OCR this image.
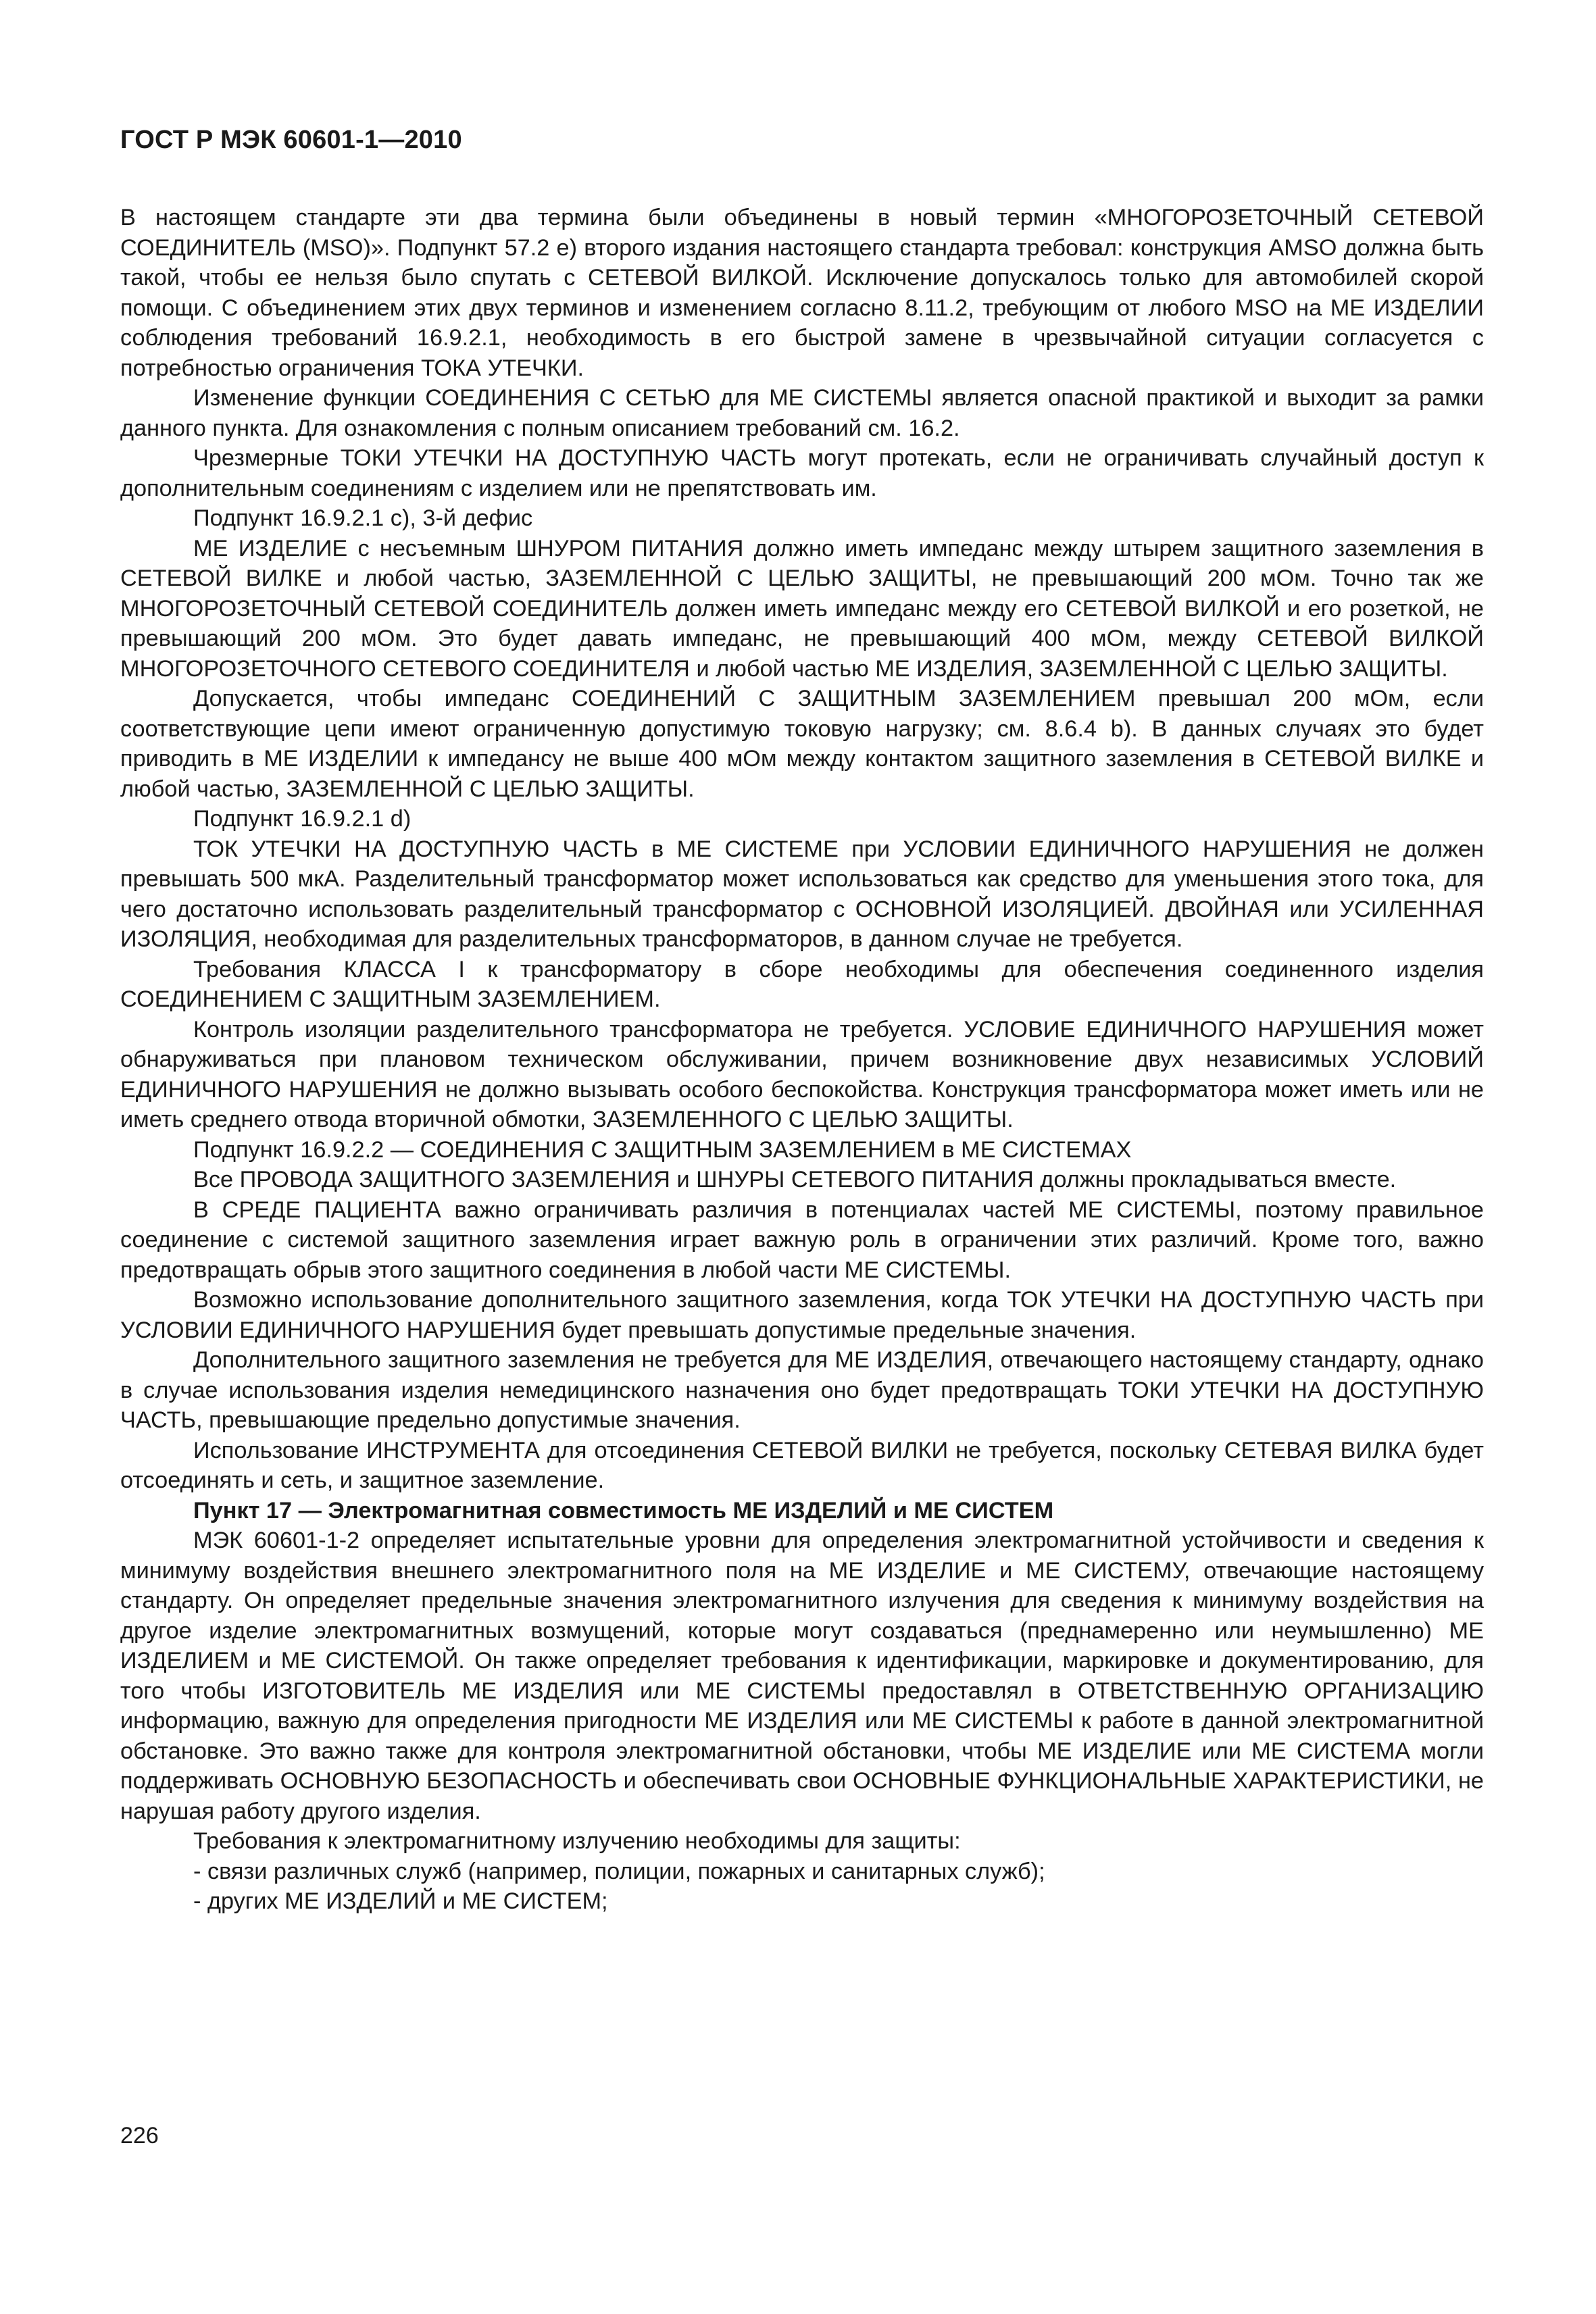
ГОСТ Р МЭК 60601-1—2010

В настоящем стандарте эти два термина были объединены в новый термин «МНОГОРОЗЕТОЧНЫЙ СЕТЕВОЙ СОЕДИНИТЕЛЬ (MSO)». Подпункт 57.2 e) второго издания настоящего стандарта требовал: конструкция AMSO должна быть такой, чтобы ее нельзя было спутать с СЕТЕВОЙ ВИЛКОЙ. Исключение допускалось только для автомобилей скорой помощи. С объединением этих двух терминов и изменением согласно 8.11.2, требующим от любого MSO на МЕ ИЗДЕЛИИ соблюдения требований 16.9.2.1, необходимость в его быстрой замене в чрезвычайной ситуации согласуется с потребностью ограничения ТОКА УТЕЧКИ.

Изменение функции СОЕДИНЕНИЯ С СЕТЬЮ для МЕ СИСТЕМЫ является опасной практикой и выходит за рамки данного пункта. Для ознакомления с полным описанием требований см. 16.2.

Чрезмерные ТОКИ УТЕЧКИ НА ДОСТУПНУЮ ЧАСТЬ могут протекать, если не ограничивать случайный доступ к дополнительным соединениям с изделием или не препятствовать им.

Подпункт 16.9.2.1 с), 3-й дефис

МЕ ИЗДЕЛИЕ с несъемным ШНУРОМ ПИТАНИЯ должно иметь импеданс между штырем защитного заземления в СЕТЕВОЙ ВИЛКЕ и любой частью, ЗАЗЕМЛЕННОЙ С ЦЕЛЬЮ ЗАЩИТЫ, не превышающий 200 мОм. Точно так же МНОГОРОЗЕТОЧНЫЙ СЕТЕВОЙ СОЕДИНИТЕЛЬ должен иметь импеданс между его СЕТЕВОЙ ВИЛКОЙ и его розеткой, не превышающий 200 мОм. Это будет давать импеданс, не превышающий 400 мОм, между СЕТЕВОЙ ВИЛКОЙ МНОГОРОЗЕТОЧНОГО СЕТЕВОГО СОЕДИНИТЕЛЯ и любой частью МЕ ИЗДЕЛИЯ, ЗАЗЕМЛЕННОЙ С ЦЕЛЬЮ ЗАЩИТЫ.

Допускается, чтобы импеданс СОЕДИНЕНИЙ С ЗАЩИТНЫМ ЗАЗЕМЛЕНИЕМ превышал 200 мОм, если соответствующие цепи имеют ограниченную допустимую токовую нагрузку; см. 8.6.4 b). В данных случаях это будет приводить в МЕ ИЗДЕЛИИ к импедансу не выше 400 мОм между контактом защитного заземления в СЕТЕВОЙ ВИЛКЕ и любой частью, ЗАЗЕМЛЕННОЙ С ЦЕЛЬЮ ЗАЩИТЫ.

Подпункт 16.9.2.1 d)

ТОК УТЕЧКИ НА ДОСТУПНУЮ ЧАСТЬ в МЕ СИСТЕМЕ при УСЛОВИИ ЕДИНИЧНОГО НАРУШЕНИЯ не должен превышать 500 мкА. Разделительный трансформатор может использоваться как средство для уменьшения этого тока, для чего достаточно использовать разделительный трансформатор с ОСНОВНОЙ ИЗОЛЯЦИЕЙ. ДВОЙНАЯ или УСИЛЕННАЯ ИЗОЛЯЦИЯ, необходимая для разделительных трансформаторов, в данном случае не требуется.

Требования КЛАССА I к трансформатору в сборе необходимы для обеспечения соединенного изделия СОЕДИНЕНИЕМ С ЗАЩИТНЫМ ЗАЗЕМЛЕНИЕМ.

Контроль изоляции разделительного трансформатора не требуется. УСЛОВИЕ ЕДИНИЧНОГО НАРУШЕНИЯ может обнаруживаться при плановом техническом обслуживании, причем возникновение двух независимых УСЛОВИЙ ЕДИНИЧНОГО НАРУШЕНИЯ не должно вызывать особого беспокойства. Конструкция трансформатора может иметь или не иметь среднего отвода вторичной обмотки, ЗАЗЕМЛЕННОГО С ЦЕЛЬЮ ЗАЩИТЫ.

Подпункт 16.9.2.2 — СОЕДИНЕНИЯ С ЗАЩИТНЫМ ЗАЗЕМЛЕНИЕМ в МЕ СИСТЕМАХ

Все ПРОВОДА ЗАЩИТНОГО ЗАЗЕМЛЕНИЯ и ШНУРЫ СЕТЕВОГО ПИТАНИЯ должны прокладываться вместе.

В СРЕДЕ ПАЦИЕНТА важно ограничивать различия в потенциалах частей МЕ СИСТЕМЫ, поэтому правильное соединение с системой защитного заземления играет важную роль в ограничении этих различий. Кроме того, важно предотвращать обрыв этого защитного соединения в любой части МЕ СИСТЕМЫ.

Возможно использование дополнительного защитного заземления, когда ТОК УТЕЧКИ НА ДОСТУПНУЮ ЧАСТЬ при УСЛОВИИ ЕДИНИЧНОГО НАРУШЕНИЯ будет превышать допустимые предельные значения.

Дополнительного защитного заземления не требуется для МЕ ИЗДЕЛИЯ, отвечающего настоящему стандарту, однако в случае использования изделия немедицинского назначения оно будет предотвращать ТОКИ УТЕЧКИ НА ДОСТУПНУЮ ЧАСТЬ, превышающие предельно допустимые значения.

Использование ИНСТРУМЕНТА для отсоединения СЕТЕВОЙ ВИЛКИ не требуется, поскольку СЕТЕВАЯ ВИЛКА будет отсоединять и сеть, и защитное заземление.

Пункт 17 — Электромагнитная совместимость МЕ ИЗДЕЛИЙ и МЕ СИСТЕМ

МЭК 60601-1-2 определяет испытательные уровни для определения электромагнитной устойчивости и сведения к минимуму воздействия внешнего электромагнитного поля на МЕ ИЗДЕЛИЕ и МЕ СИСТЕМУ, отвечающие настоящему стандарту. Он определяет предельные значения электромагнитного излучения для сведения к минимуму воздействия на другое изделие электромагнитных возмущений, которые могут создаваться (преднамеренно или неумышленно) МЕ ИЗДЕЛИЕМ и МЕ СИСТЕМОЙ. Он также определяет требования к идентификации, маркировке и документированию, для того чтобы ИЗГОТОВИТЕЛЬ МЕ ИЗДЕЛИЯ или МЕ СИСТЕМЫ предоставлял в ОТВЕТСТВЕННУЮ ОРГАНИЗАЦИЮ информацию, важную для определения пригодности МЕ ИЗДЕЛИЯ или МЕ СИСТЕМЫ к работе в данной электромагнитной обстановке. Это важно также для контроля электромагнитной обстановки, чтобы МЕ ИЗДЕЛИЕ или МЕ СИСТЕМА могли поддерживать ОСНОВНУЮ БЕЗОПАСНОСТЬ и обеспечивать свои ОСНОВНЫЕ ФУНКЦИОНАЛЬНЫЕ ХАРАКТЕРИСТИКИ, не нарушая работу другого изделия.

Требования к электромагнитному излучению необходимы для защиты:

- связи различных служб (например, полиции, пожарных и санитарных служб);

- других МЕ ИЗДЕЛИЙ и МЕ СИСТЕМ;

226
